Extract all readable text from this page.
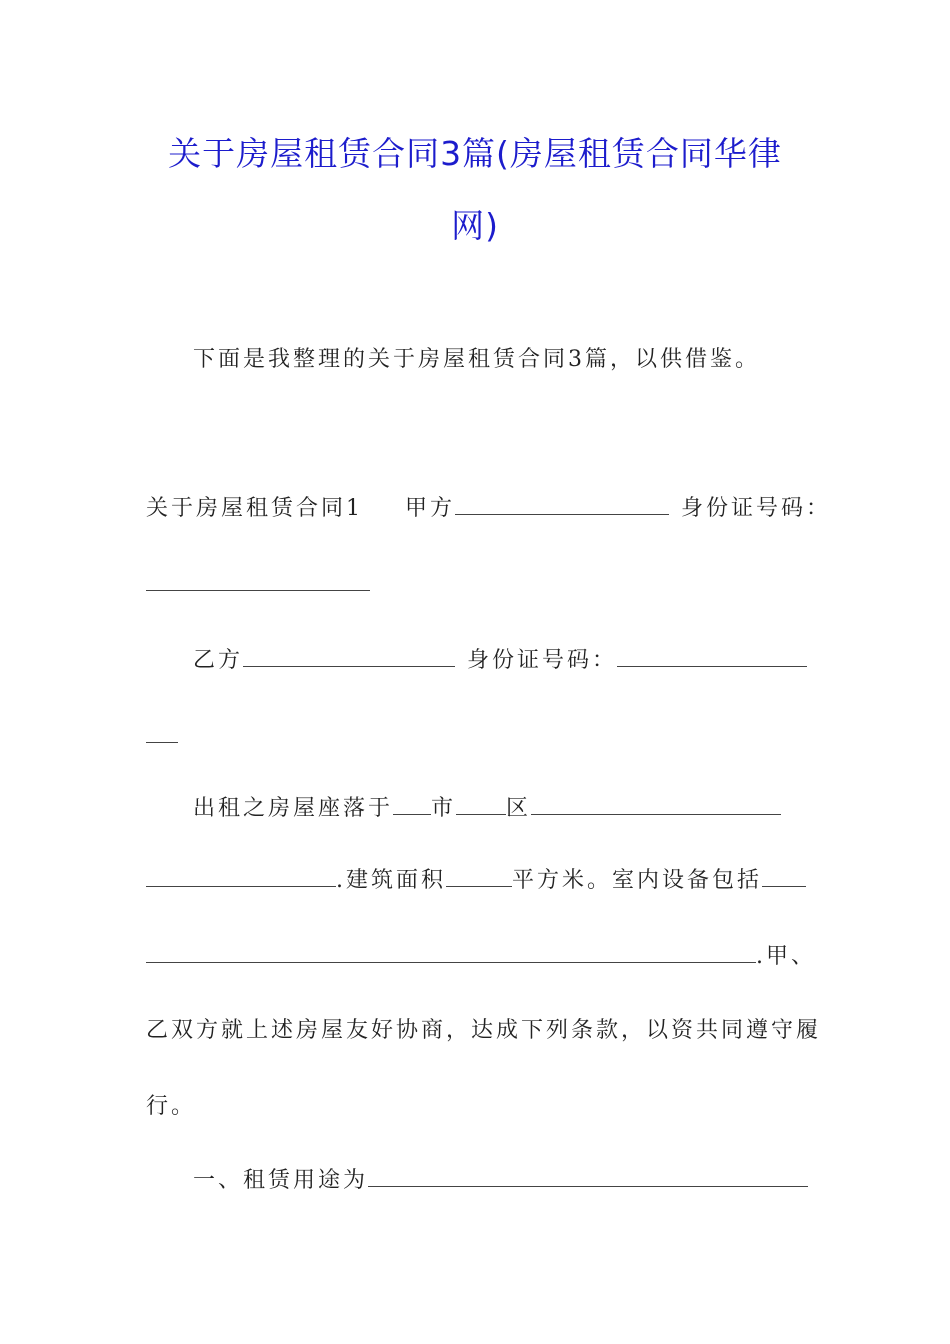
关于房屋租赁合同3篇(房屋租赁合同华律
网)
下面是我整理的关于房屋租赁合同3篇，以供借鉴。
关于房屋租赁合同1 甲方	身份证号码：
乙方	身份证号码：
出租之房屋座落于 市 区
.建筑面积	平方米。室内设备包括
.甲、
乙双方就上述房屋友好协商，达成下列条款，以资共同遵守履
行。
一、租赁用途为
